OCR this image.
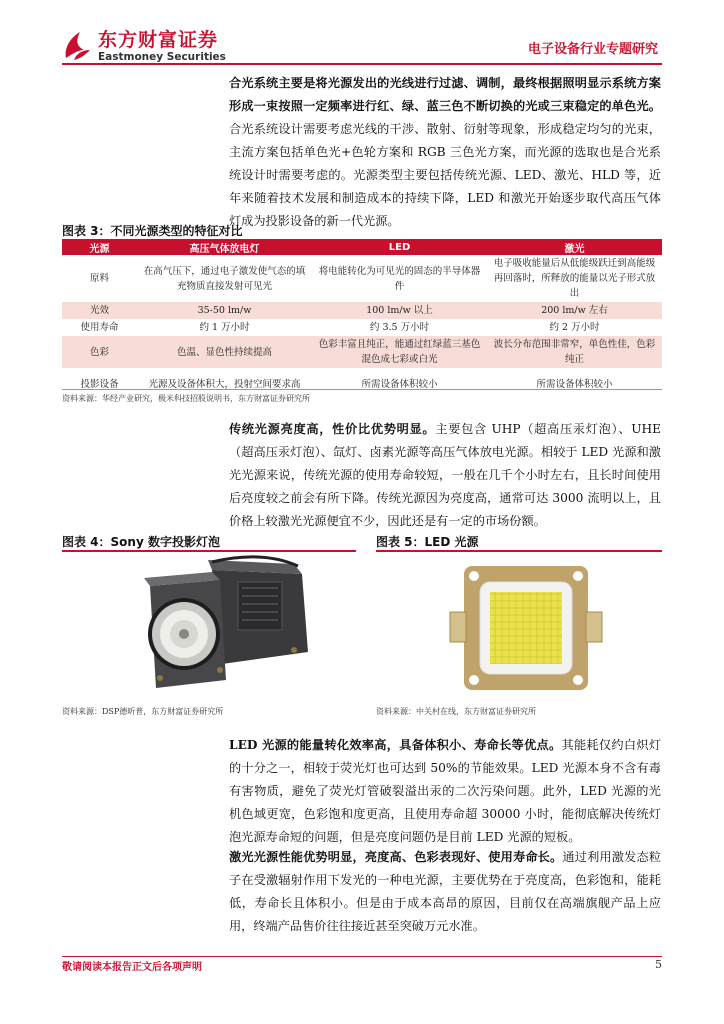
东方财富证券
Eastmoney Securities	电子设备行业专题研究
合光系统主要是将光源发出的光线进行过滤、调制，最终根据照明显示系统方案形成一束按照一定频率进行红、绿、蓝三色不断切换的光或三束稳定的单色光。合光系统设计需要考虑光线的干涉、散射、衍射等现象，形成稳定均匀的光束，主流方案包括单色光+色轮方案和 RGB 三色光方案，而光源的选取也是合光系统设计时需要考虑的。光源类型主要包括传统光源、LED、激光、HLD 等，近年来随着技术发展和制造成本的持续下降，LED 和激光开始逐步取代高压气体灯成为投影设备的新一代光源。
图表 3：不同光源类型的特征对比
光源	高压气体放电灯	LED	激光
原料	在高气压下，通过电子激发使气态的填充物质直接发射可见光	将电能转化为可见光的固态的半导体器件	电子吸收能量后从低能级跃迁到高能级再回落时，所释放的能量以光子形式放出
光效	35-50 lm/w	100 lm/w 以上	200 lm/w 左右
使用寿命	约 1 万小时	约 3.5 万小时	约 2 万小时
色彩	色温、显色性持续提高	色彩丰富且纯正，能通过红绿蓝三基色混色成七彩或白光	波长分布范围非常窄，单色性佳，色彩纯正
投影设备	光源及设备体积大，投射空间要求高	所需设备体积较小	所需设备体积较小
资料来源：华经产业研究，极米科技招股说明书，东方财富证券研究所
传统光源亮度高，性价比优势明显。主要包含 UHP（超高压汞灯泡）、UHE（超高压汞灯泡）、氙灯、卤素光源等高压气体放电光源。相较于 LED 光源和激光光源来说，传统光源的使用寿命较短，一般在几千个小时左右，且长时间使用后亮度较之前会有所下降。传统光源因为亮度高，通常可达 3000 流明以上，且价格上较激光光源便宜不少，因此还是有一定的市场份额。
图表 4：Sony 数字投影灯泡
资料来源：DSP德昕普，东方财富证券研究所
图表 5：LED 光源
资料来源：中关村在线，东方财富证券研究所
LED 光源的能量转化效率高，具备体积小、寿命长等优点。其能耗仅约白炽灯的十分之一，相较于荧光灯也可达到 50%的节能效果。LED 光源本身不含有毒有害物质，避免了荧光灯管破裂溢出汞的二次污染问题。此外，LED 光源的光机色域更宽，色彩饱和度更高，且使用寿命超 30000 小时，能彻底解决传统灯泡光源寿命短的问题，但是亮度问题仍是目前 LED 光源的短板。
激光光源性能优势明显，亮度高、色彩表现好、使用寿命长。通过利用激发态粒子在受激辐射作用下发光的一种电光源，主要优势在于亮度高，色彩饱和，能耗低，寿命长且体积小。但是由于成本高昂的原因，目前仅在高端旗舰产品上应用，终端产品售价往往接近甚至突破万元水准。
敬请阅读本报告正文后各项声明	5
